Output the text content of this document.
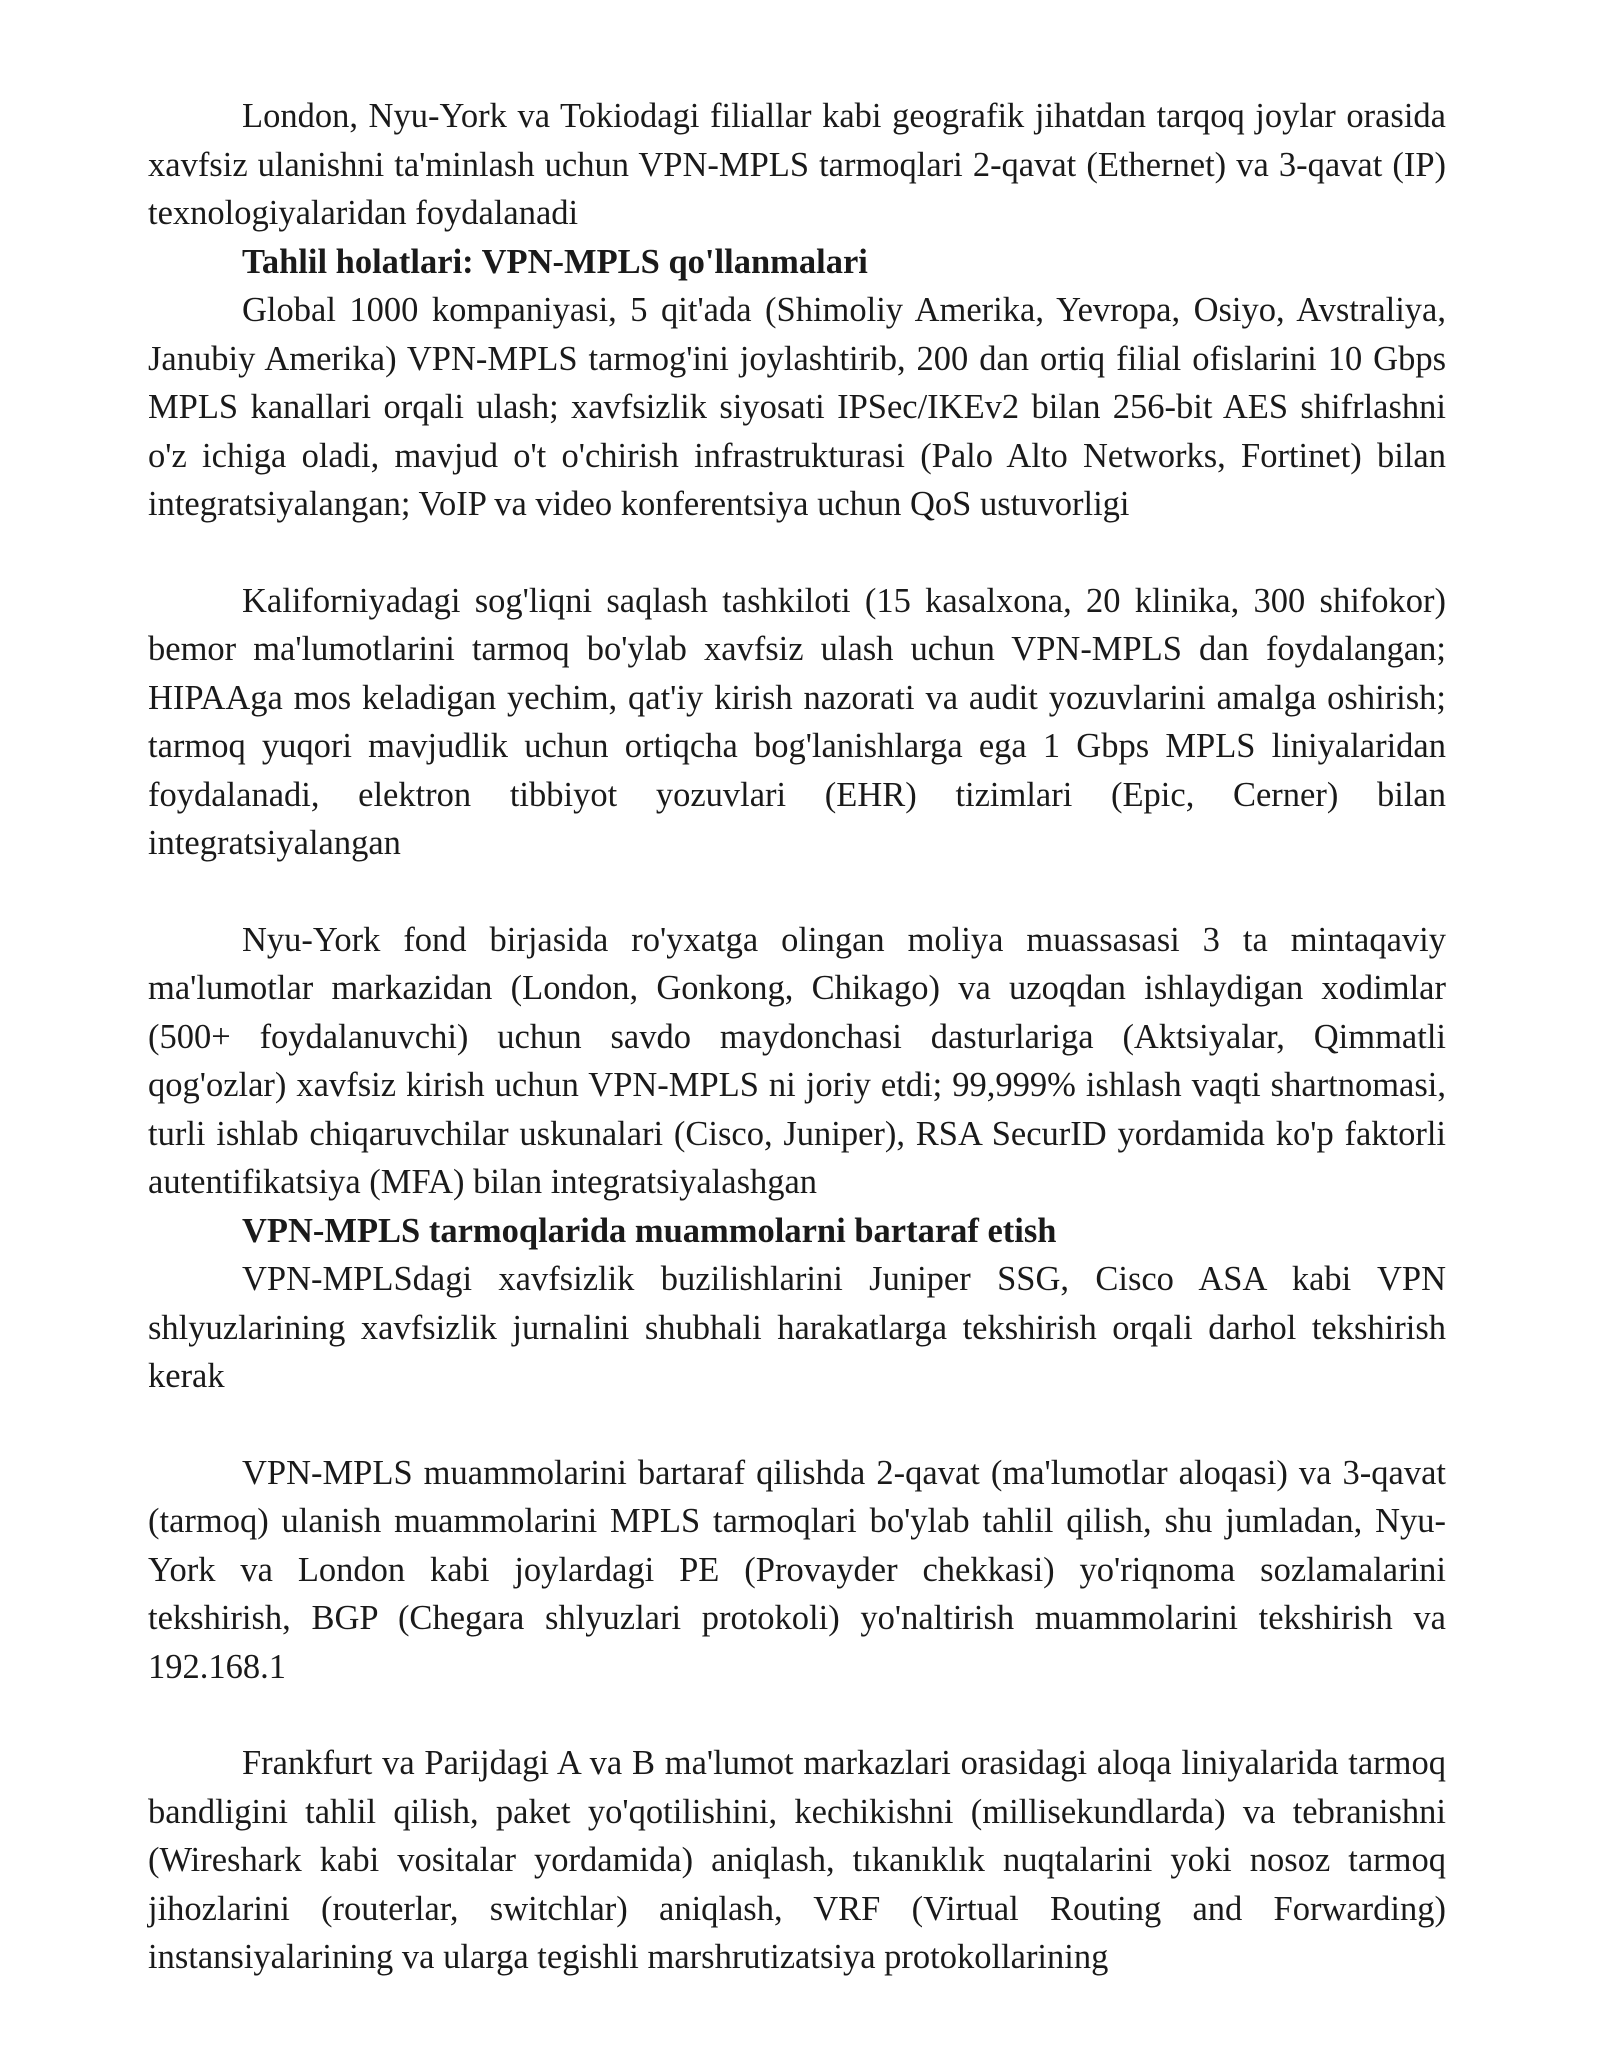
London, Nyu-York va Tokiodagi filiallar kabi geografik jihatdan tarqoq joylar orasida xavfsiz ulanishni ta'minlash uchun VPN-MPLS tarmoqlari 2-qavat (Ethernet) va 3-qavat (IP) texnologiyalaridan foydalanadi

Tahlil holatlari: VPN-MPLS qo'llanmalari

Global 1000 kompaniyasi, 5 qit'ada (Shimoliy Amerika, Yevropa, Osiyo, Avstraliya, Janubiy Amerika) VPN-MPLS tarmog'ini joylashtirib, 200 dan ortiq filial ofislarini 10 Gbps MPLS kanallari orqali ulash; xavfsizlik siyosati IPSec/IKEv2 bilan 256-bit AES shifrlashni o'z ichiga oladi, mavjud o't o'chirish infrastrukturasi (Palo Alto Networks, Fortinet) bilan integratsiyalangan; VoIP va video konferentsiya uchun QoS ustuvorligi

Kaliforniyadagi sog'liqni saqlash tashkiloti (15 kasalxona, 20 klinika, 300 shifokor) bemor ma'lumotlarini tarmoq bo'ylab xavfsiz ulash uchun VPN-MPLS dan foydalangan; HIPAAga mos keladigan yechim, qat'iy kirish nazorati va audit yozuvlarini amalga oshirish; tarmoq yuqori mavjudlik uchun ortiqcha bog'lanishlarga ega 1 Gbps MPLS liniyalaridan foydalanadi, elektron tibbiyot yozuvlari (EHR) tizimlari (Epic, Cerner) bilan integratsiyalangan

Nyu-York fond birjasida ro'yxatga olingan moliya muassasasi 3 ta mintaqaviy ma'lumotlar markazidan (London, Gonkong, Chikago) va uzoqdan ishlaydigan xodimlar (500+ foydalanuvchi) uchun savdo maydonchasi dasturlariga (Aktsiyalar, Qimmatli qog'ozlar) xavfsiz kirish uchun VPN-MPLS ni joriy etdi; 99,999% ishlash vaqti shartnomasi, turli ishlab chiqaruvchilar uskunalari (Cisco, Juniper), RSA SecurID yordamida ko'p faktorli autentifikatsiya (MFA) bilan integratsiyalashgan

VPN-MPLS tarmoqlarida muammolarni bartaraf etish

VPN-MPLSdagi xavfsizlik buzilishlarini Juniper SSG, Cisco ASA kabi VPN shlyuzlarining xavfsizlik jurnalini shubhali harakatlarga tekshirish orqali darhol tekshirish kerak

VPN-MPLS muammolarini bartaraf qilishda 2-qavat (ma'lumotlar aloqasi) va 3-qavat (tarmoq) ulanish muammolarini MPLS tarmoqlari bo'ylab tahlil qilish, shu jumladan, Nyu-York va London kabi joylardagi PE (Provayder chekkasi) yo'riqnoma sozlamalarini tekshirish, BGP (Chegara shlyuzlari protokoli) yo'naltirish muammolarini tekshirish va 192.168.1

Frankfurt va Parijdagi A va B ma'lumot markazlari orasidagi aloqa liniyalarida tarmoq bandligini tahlil qilish, paket yo'qotilishini, kechikishni (millisekundlarda) va tebranishni (Wireshark kabi vositalar yordamida) aniqlash, tıkanıklık nuqtalarini yoki nosoz tarmoq jihozlarini (routerlar, switchlar) aniqlash, VRF (Virtual Routing and Forwarding) instansiyalarining va ularga tegishli marshrutizatsiya protokollarining
